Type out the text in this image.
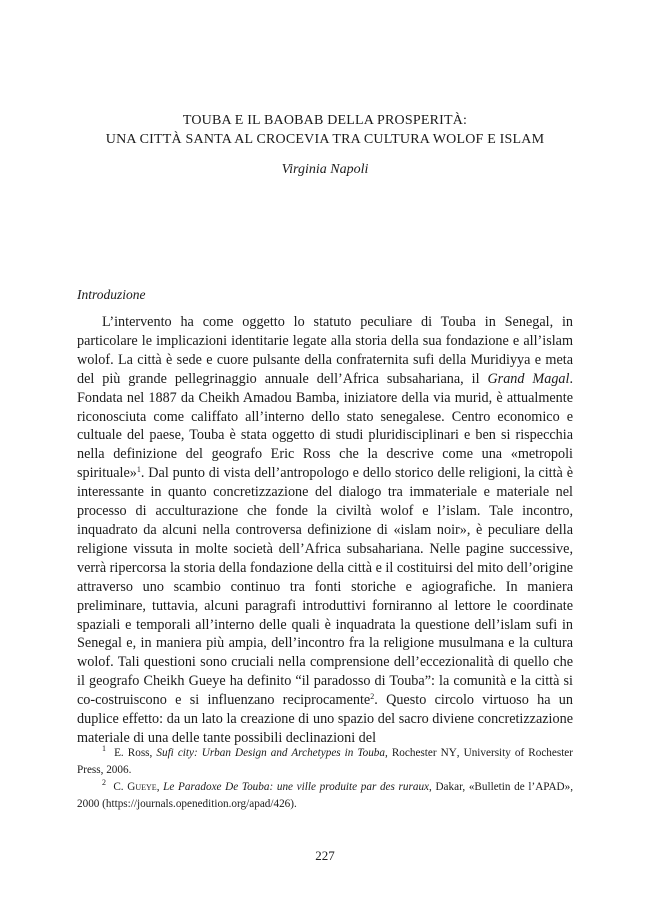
TOUBA E IL BAOBAB DELLA PROSPERITÀ:
UNA CITTÀ SANTA AL CROCEVIA TRA CULTURA WOLOF E ISLAM
Virginia Napoli
Introduzione

L’intervento ha come oggetto lo statuto peculiare di Touba in Senegal, in particolare le implicazioni identitarie legate alla storia della sua fondazione e all’islam wolof. La città è sede e cuore pulsante della confraternita sufi della Muridiyya e meta del più grande pellegrinaggio annuale dell’Africa subsahariana, il Grand Magal. Fondata nel 1887 da Cheikh Amadou Bamba, iniziatore della via murid, è attualmente riconosciuta come califfato all’interno dello stato senegalese. Centro economico e cultuale del paese, Touba è stata oggetto di studi pluridisciplinari e ben si rispecchia nella definizione del geografo Eric Ross che la descrive come una «metropoli spirituale»$^1$. Dal punto di vista dell’antropologo e dello storico delle religioni, la città è interessante in quanto concretizzazione del dialogo tra immateriale e materiale nel processo di acculturazione che fonde la civiltà wolof e l’islam. Tale incontro, inquadrato da alcuni nella controversa definizione di «islam noir», è peculiare della religione vissuta in molte società dell’Africa subsahariana. Nelle pagine successive, verrà ripercorsa la storia della fondazione della città e il costituirsi del mito dell’origine attraverso uno scambio continuo tra fonti storiche e agiografiche. In maniera preliminare, tuttavia, alcuni paragrafi introduttivi forniranno al lettore le coordinate spaziali e temporali all’interno delle quali è inquadrata la questione dell’islam sufi in Senegal e, in maniera più ampia, dell’incontro fra la religione musulmana e la cultura wolof. Tali questioni sono cruciali nella comprensione dell’eccezionalità di quello che il geografo Cheikh Gueye ha definito “il paradosso di Touba”: la comunità e la città si co-costruiscono e si influenzano reciprocamente$^2$. Questo circolo virtuoso ha un duplice effetto: da un lato la creazione di uno spazio del sacro diviene concretizzazione materiale di una delle tante possibili declinazioni del

$^1$ E. Ross, Sufi city: Urban Design and Archetypes in Touba, Rochester NY, University of Rochester Press, 2006.

$^2$ C. Gueye, Le Paradoxe De Touba: une ville produite par des ruraux, Dakar, «Bulletin de l’APAD», 2000 (https://journals.openedition.org/apad/426).

227
